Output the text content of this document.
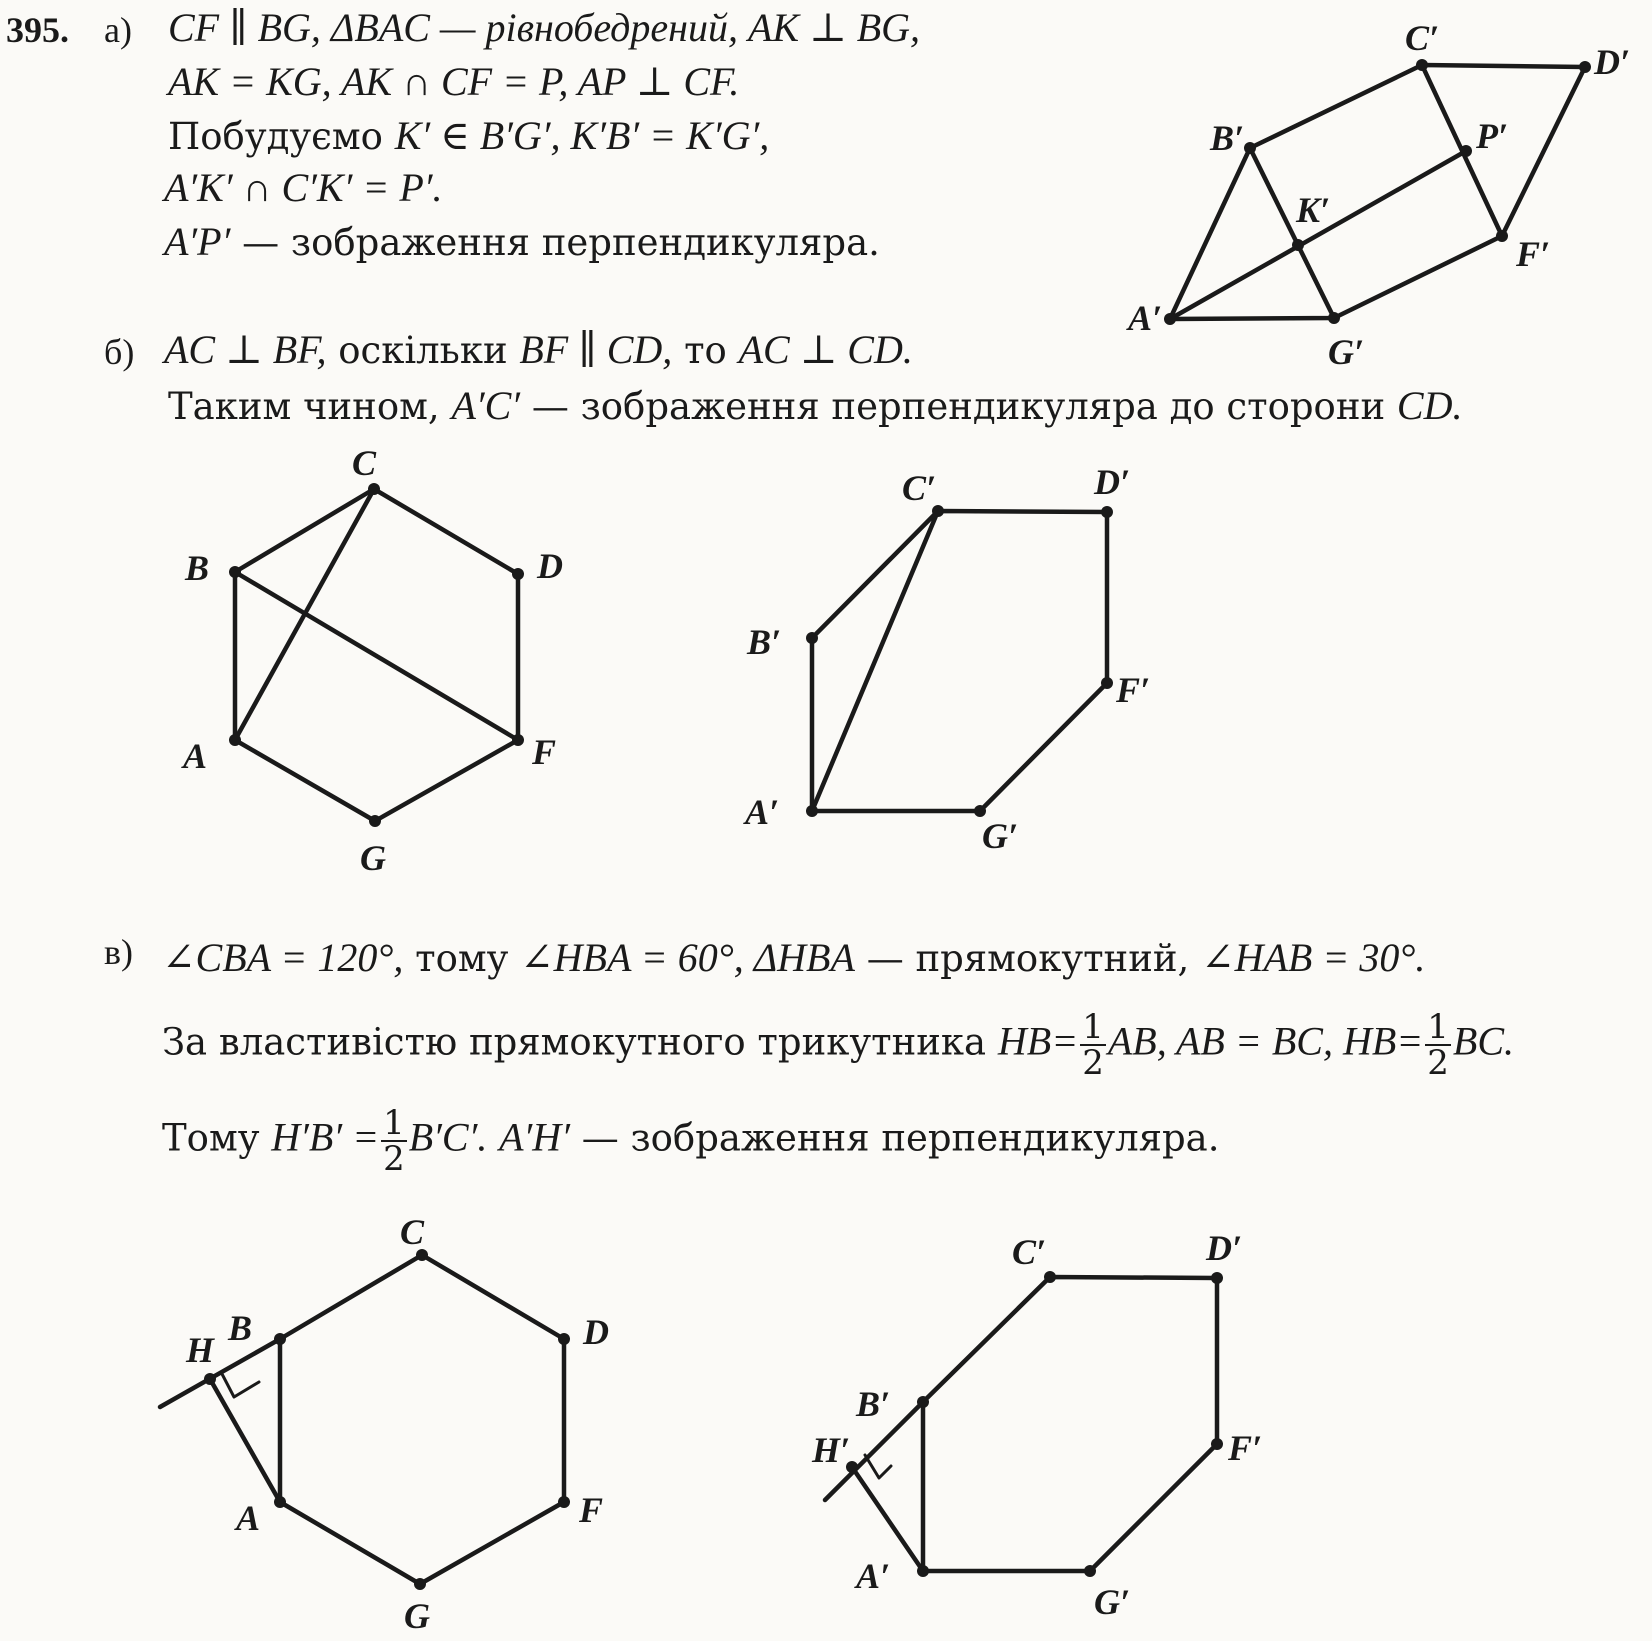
395. а) CF ∥ BG, ΔBAC — рівнобедрений, AK ⊥ BG,
AK = KG, AK ∩ CF = P, AP ⊥ CF.
Побудуємо K′ ∈ B′G′, K′B′ = K′G′,
A′K′ ∩ C′K′ = P′.
A′P′ — зображення перпендикуляра.
б) AC ⊥ BF, оскільки BF ∥ CD, то AC ⊥ CD.
Таким чином, A′C′ — зображення перпендикуляра до сторони CD.
в) ∠CBA = 120°, тому ∠HBA = 60°, ΔHBA — прямокутний, ∠HAB = 30°.
За властивістю прямокутного трикутника $HB= \frac{1}{2}$ AB, AB = BC, $HB= \frac{1}{2}$ BC.
Тому $H'B' = \frac{1}{2} B'C'$. A′H′ — зображення перпендикуляра.
C′
D′
B′	P′
K′
F′
A′
G′
C
B	D
A	F
G
C′	D′
B′
F′
A′
G′
C
B
H	D
A	F
G
C′	D′
B′
H′	F′
A′
G′
